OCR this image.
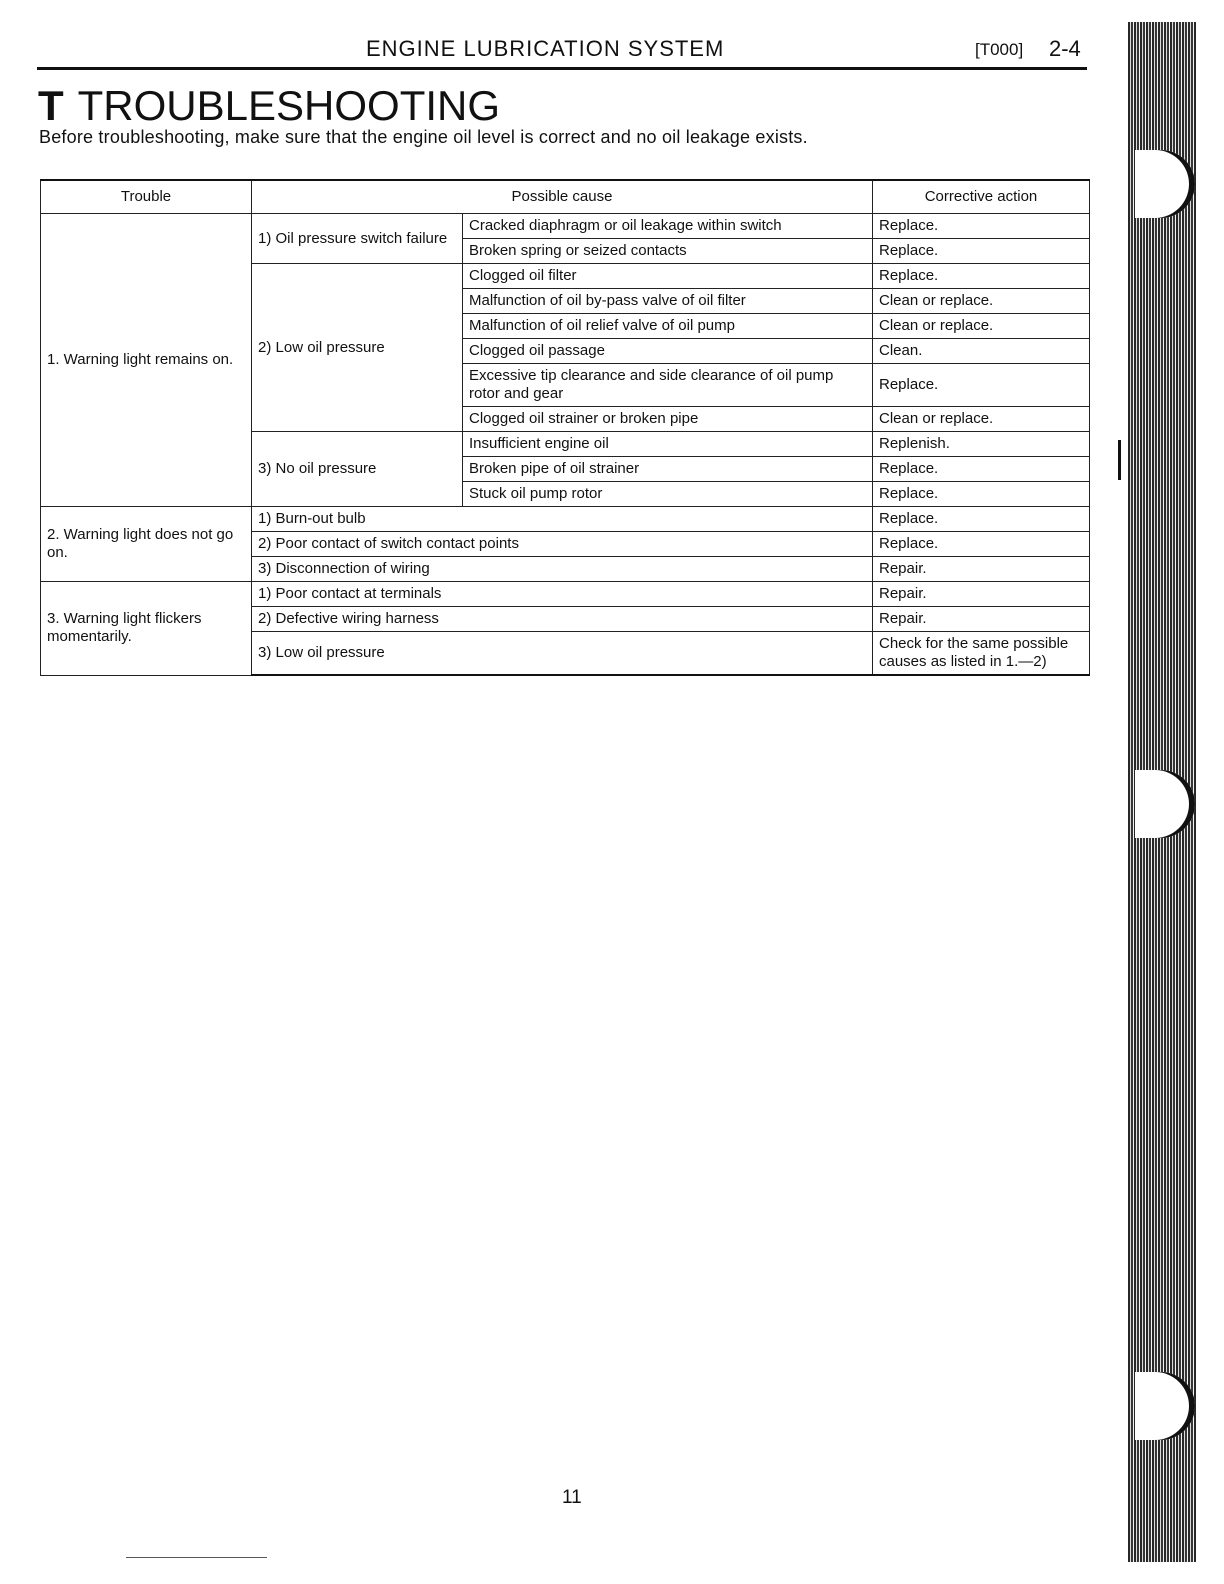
ENGINE LUBRICATION SYSTEM	[T000] 2-4
T TROUBLESHOOTING
Before troubleshooting, make sure that the engine oil level is correct and no oil leakage exists.
Trouble	Possible cause		Corrective action
1. Warning light remains on.	1) Oil pressure switch failure	Cracked diaphragm or oil leakage within switch	Replace.
		Broken spring or seized contacts	Replace.
	2) Low oil pressure	Clogged oil filter	Replace.
		Malfunction of oil by-pass valve of oil filter	Clean or replace.
		Malfunction of oil relief valve of oil pump	Clean or replace.
		Clogged oil passage	Clean.
		Excessive tip clearance and side clearance of oil pump rotor and gear	Replace.
		Clogged oil strainer or broken pipe	Clean or replace.
	3) No oil pressure	Insufficient engine oil	Replenish.
		Broken pipe of oil strainer	Replace.
		Stuck oil pump rotor	Replace.
2. Warning light does not go on.	1) Burn-out bulb		Replace.
	2) Poor contact of switch contact points		Replace.
	3) Disconnection of wiring		Repair.
3. Warning light flickers momentarily.	1) Poor contact at terminals		Repair.
	2) Defective wiring harness		Repair.
	3) Low oil pressure		Check for the same possible causes as listed in 1.—2)
11
